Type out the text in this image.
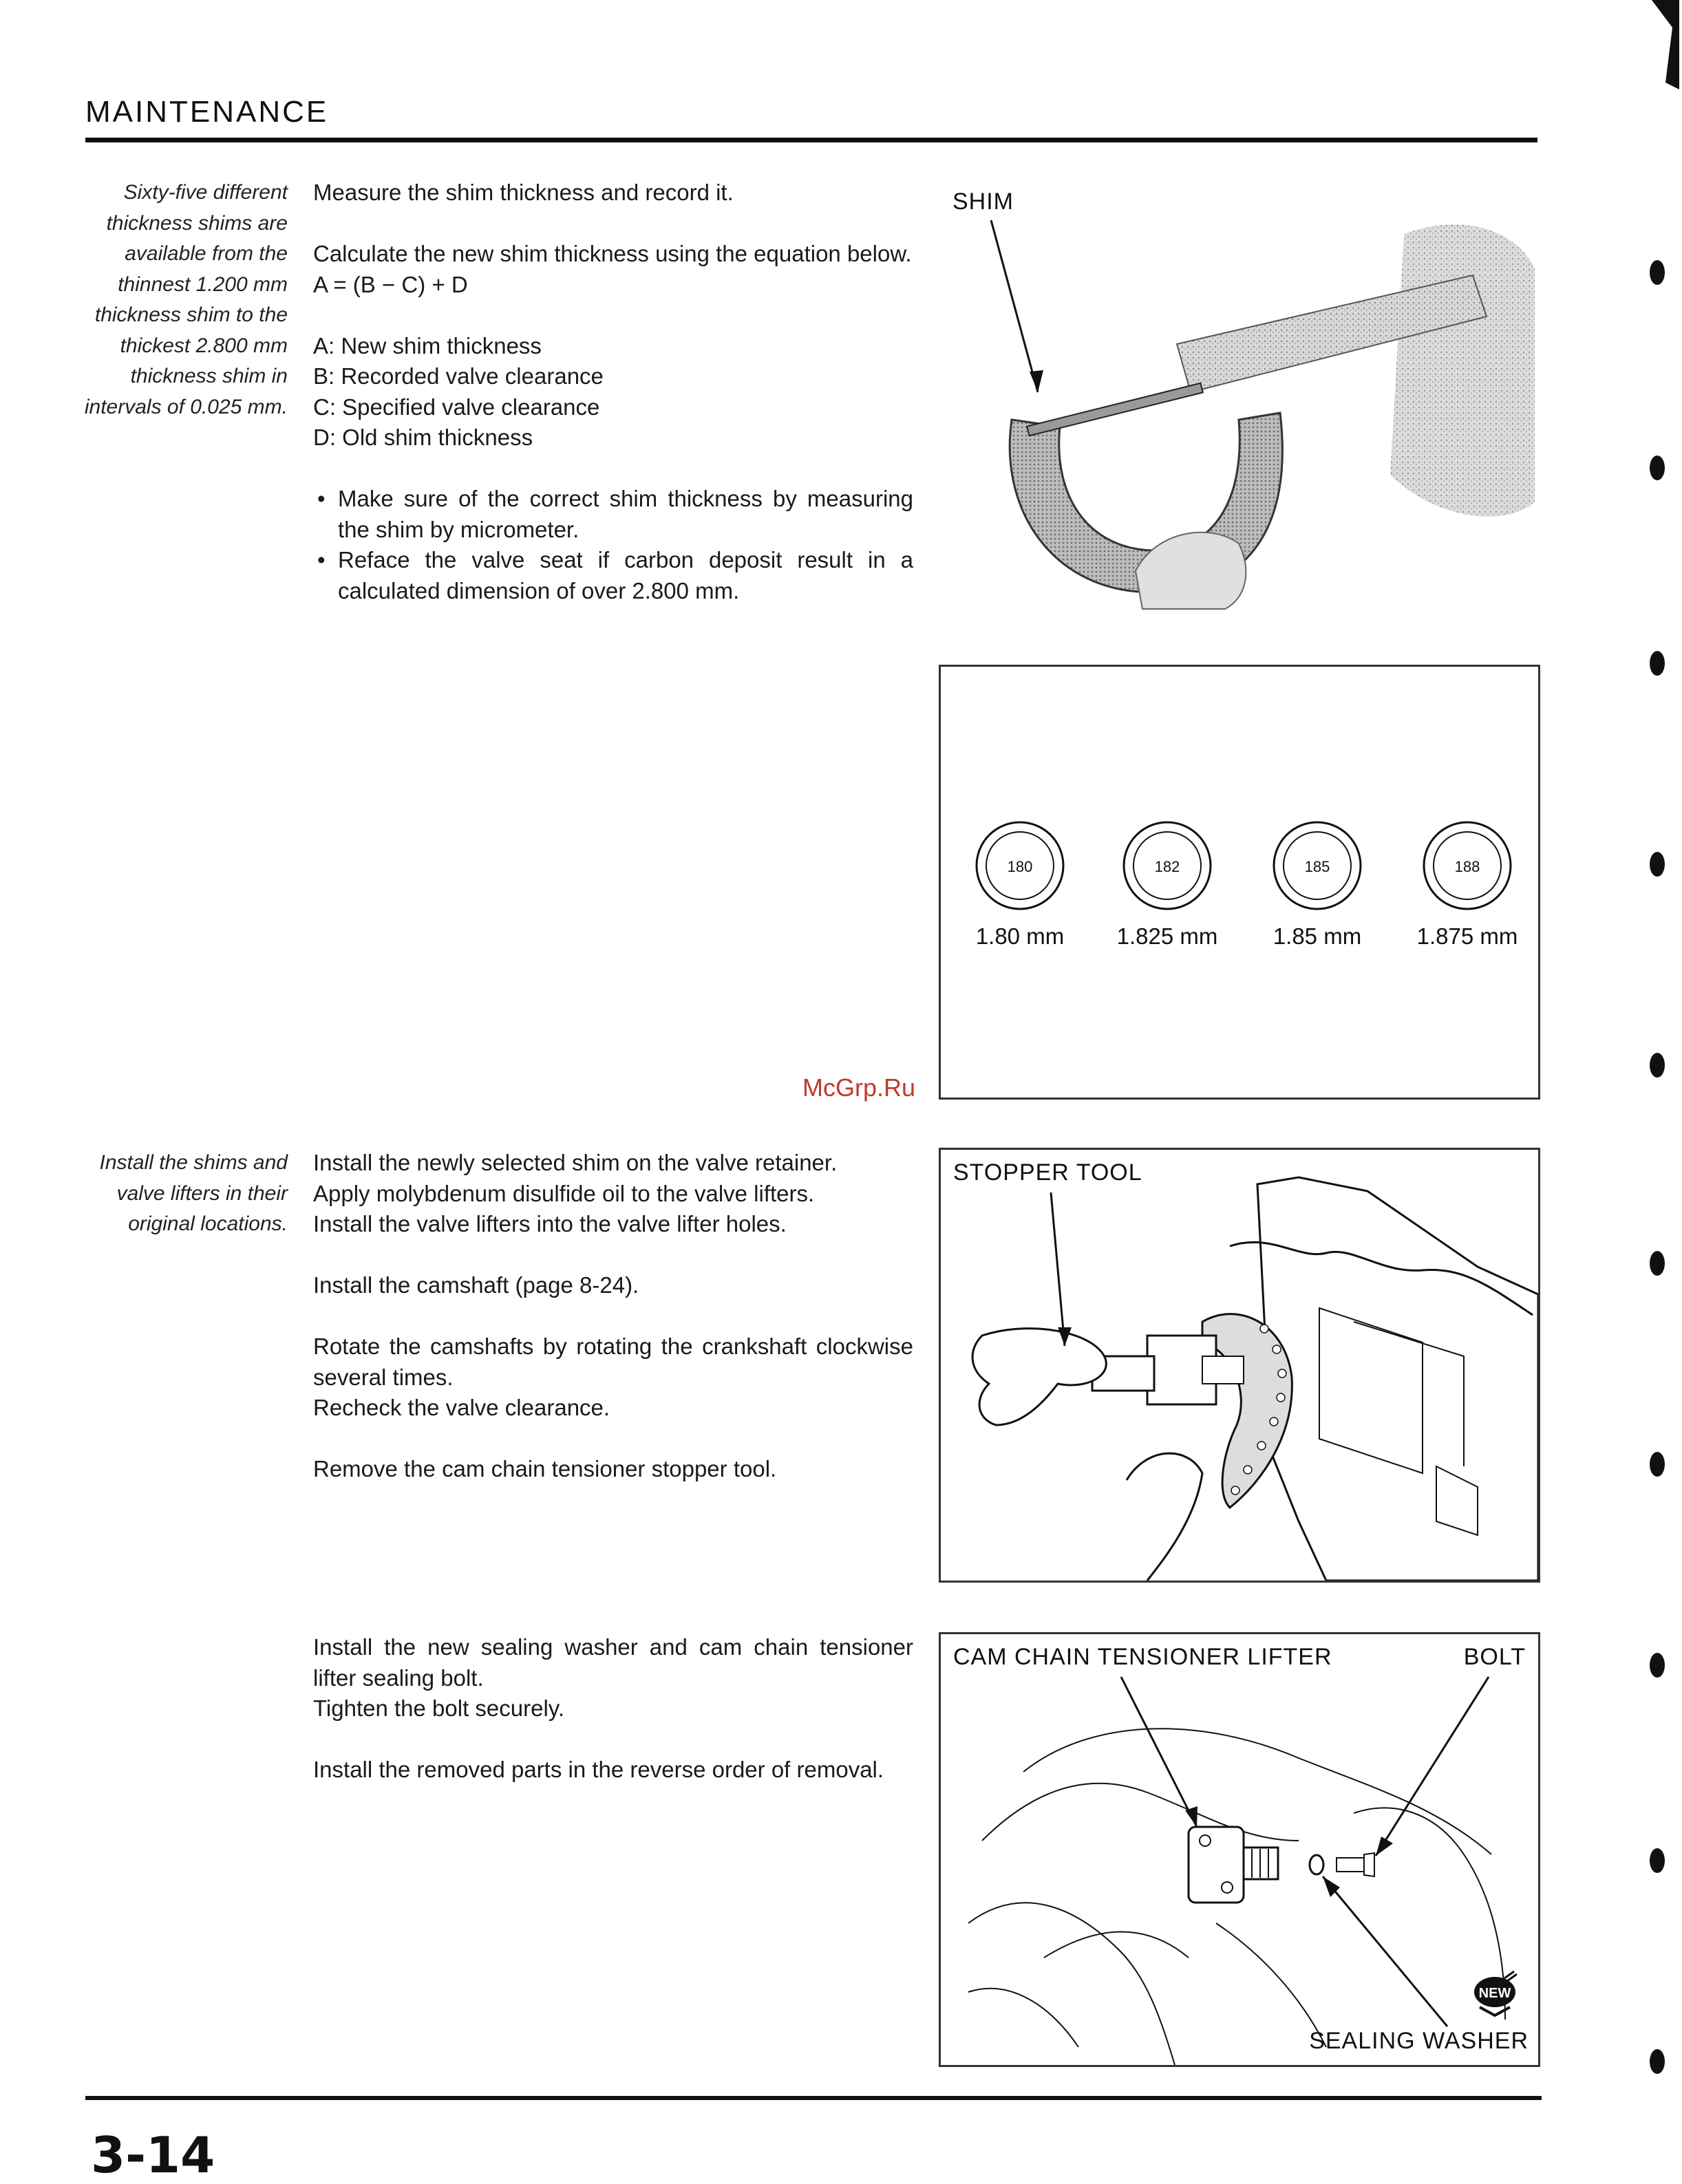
MAINTENANCE
Sixty-five different thickness shims are available from the thinnest 1.200 mm thickness shim to the thickest 2.800 mm thickness shim in intervals of 0.025 mm.

Measure the shim thickness and record it.

Calculate the new shim thickness using the equation below.

A = (B − C) + D

A: New shim thickness

B: Recorded valve clearance

C: Specified valve clearance

D: Old shim thickness

• Make sure of the correct shim thickness by measuring the shim by micrometer.
• Reface the valve seat if carbon deposit result in a calculated dimension of over 2.800 mm.
SHIM
180
1.80 mm
182
1.825 mm
185
1.85 mm
188
1.875 mm
McGrp.Ru
Install the shims and valve lifters in their original locations.

Install the newly selected shim on the valve retainer.

Apply molybdenum disulfide oil to the valve lifters.

Install the valve lifters into the valve lifter holes.

Install the camshaft (page 8-24).

Rotate the camshafts by rotating the crankshaft clockwise several times.

Recheck the valve clearance.

Remove the cam chain tensioner stopper tool.

STOPPER TOOL

Install the new sealing washer and cam chain tensioner lifter sealing bolt.

Tighten the bolt securely.

Install the removed parts in the reverse order of removal.

CAM CHAIN TENSIONER LIFTER	BOLT
SEALING WASHER
NEW
3-14
